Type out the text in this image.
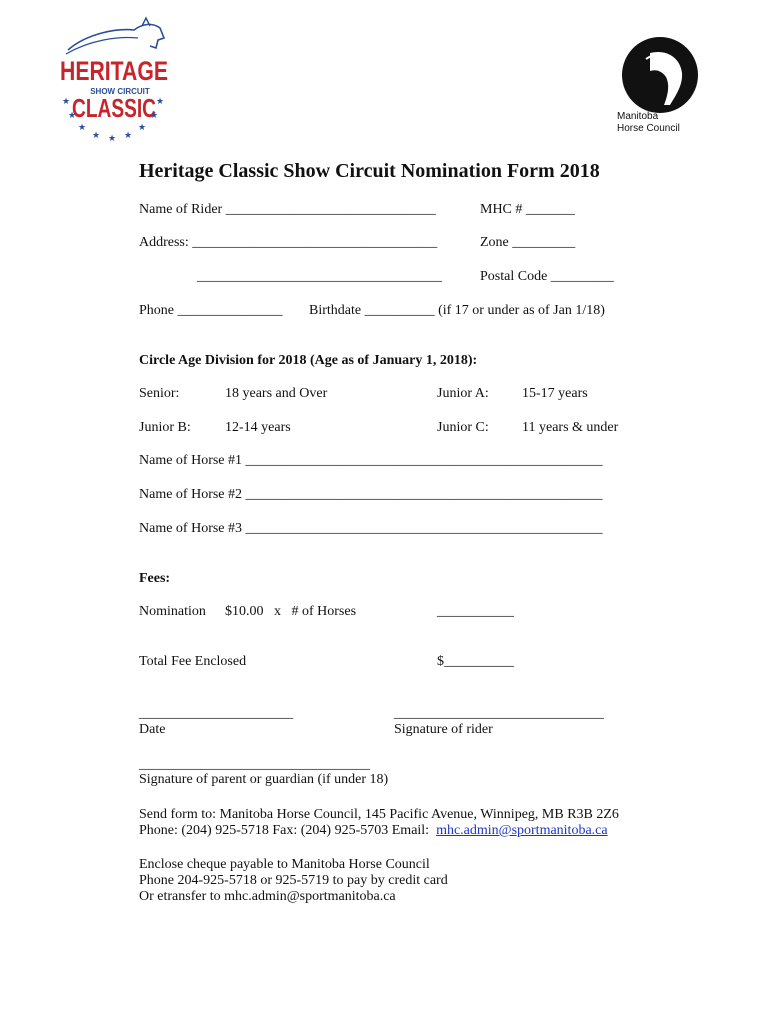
HERITAGE
SHOW CIRCUIT
CLASSIC
★
★
★
★ ★ ★
★
★
★
Manitoba
Horse Council
Heritage Classic Show Circuit Nomination Form 2018
Name of Rider ______________________________	MHC # _______
Address: ___________________________________	Zone _________
___________________________________	Postal Code _________
Phone _______________ Birthdate __________ (if 17 or under as of Jan 1/18)
Circle Age Division for 2018 (Age as of January 1, 2018):
Senior:	18 years and Over	Junior A: 15-17 years
Junior B: 12-14 years	Junior C: 11 years & under
Name of Horse #1 ___________________________________________________
Name of Horse #2 ___________________________________________________
Name of Horse #3 ___________________________________________________
Fees:
Nomination $10.00   x   # of Horses	___________
Total Fee Enclosed	$__________
______________________
Date
______________________________
Signature of rider
_________________________________
Signature of parent or guardian (if under 18)
Send form to: Manitoba Horse Council, 145 Pacific Avenue, Winnipeg, MB R3B 2Z6
Phone: (204) 925-5718 Fax: (204) 925-5703 Email:  mhc.admin@sportmanitoba.ca
Enclose cheque payable to Manitoba Horse Council
Phone 204-925-5718 or 925-5719 to pay by credit card
Or etransfer to mhc.admin@sportmanitoba.ca
